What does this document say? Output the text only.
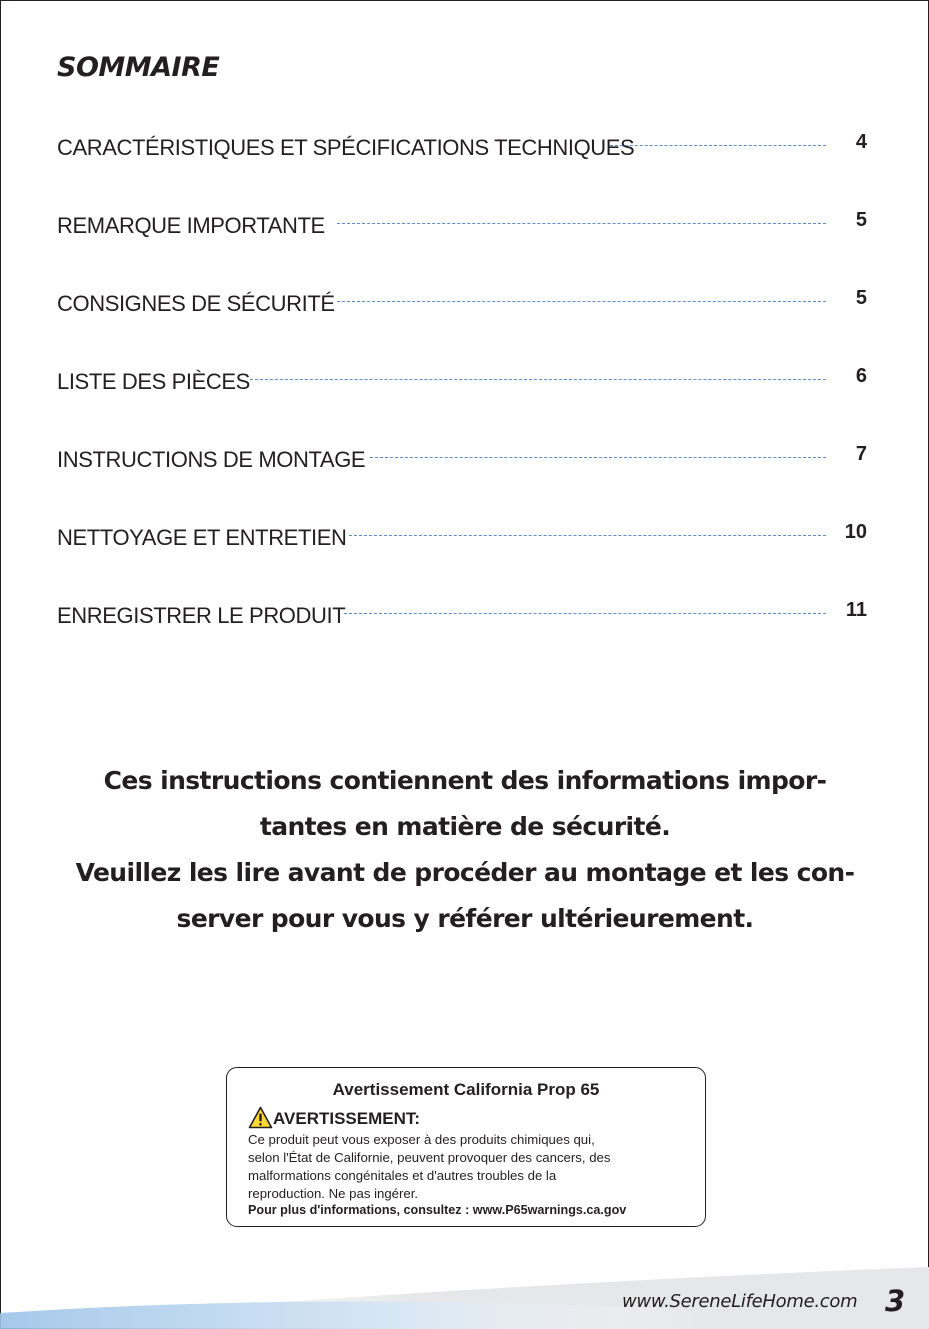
SOMMAIRE
CARACTÉRISTIQUES ET SPÉCIFICATIONS TECHNIQUES	4
REMARQUE IMPORTANTE	5
CONSIGNES DE SÉCURITÉ	5
LISTE DES PIÈCES	6
INSTRUCTIONS DE MONTAGE	7
NETTOYAGE ET ENTRETIEN	10
ENREGISTRER LE PRODUIT	11

Ces instructions contiennent des informations impor-
tantes en matière de sécurité.
Veuillez les lire avant de procéder au montage et les con-
server pour vous y référer ultérieurement.

Avertissement California Prop 65
AVERTISSEMENT:
Ce produit peut vous exposer à des produits chimiques qui,
selon l'État de Californie, peuvent provoquer des cancers, des
malformations congénitales et d'autres troubles de la
reproduction. Ne pas ingérer.
Pour plus d'informations, consultez : www.P65warnings.ca.gov
www.SereneLifeHome.com 3
